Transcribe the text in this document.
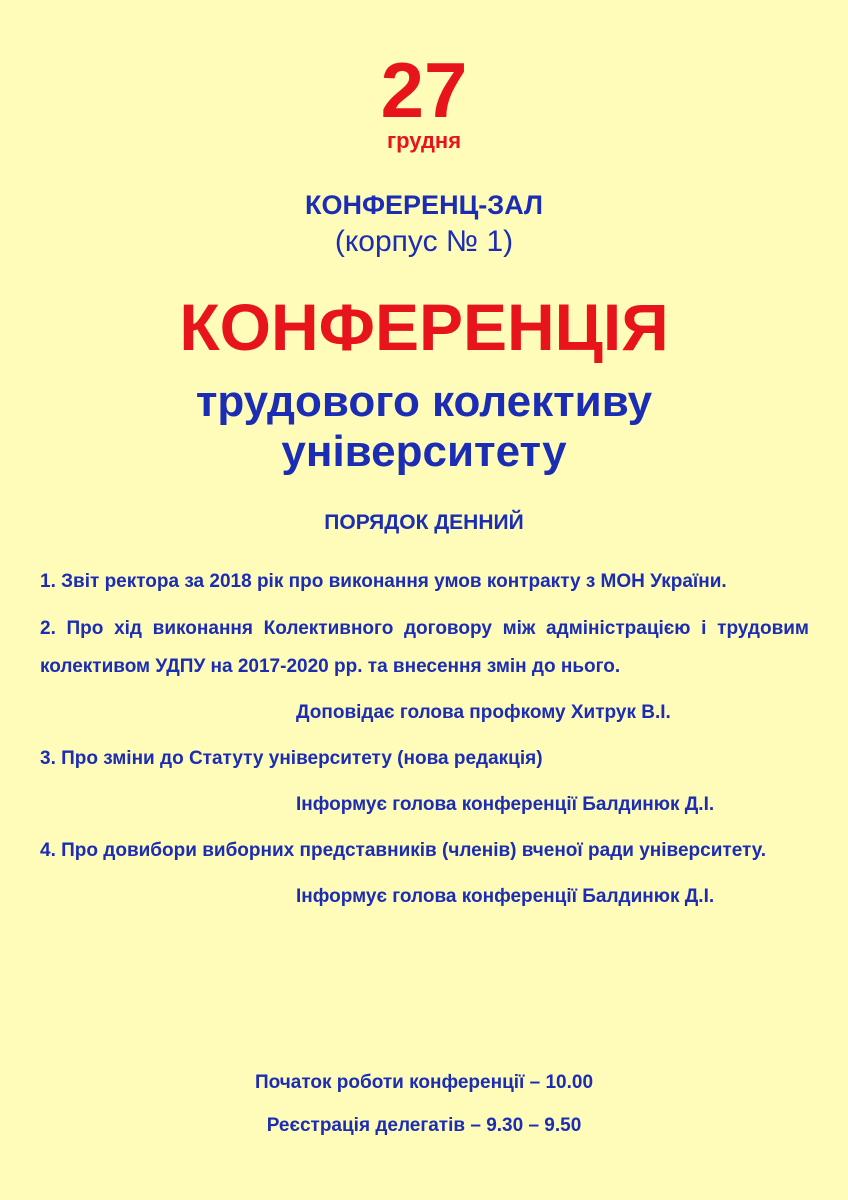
27

грудня

КОНФЕРЕНЦ-ЗАЛ

(корпус № 1)

КОНФЕРЕНЦІЯ

трудового колективу

університету

ПОРЯДОК ДЕННИЙ

1. Звіт ректора за 2018 рік про виконання умов контракту з МОН України.

2. Про хід виконання Колективного договору між адміністрацією і трудовим колективом УДПУ на 2017-2020 рр. та внесення змін до нього.

Доповідає голова профкому Хитрук В.І.

3. Про зміни до Статуту університету (нова редакція)

Інформує голова конференції Балдинюк Д.І.

4. Про довибори виборних представників (членів) вченої ради університету.

Інформує голова конференції Балдинюк Д.І.

Початок роботи конференції – 10.00

Реєстрація делегатів – 9.30 – 9.50
